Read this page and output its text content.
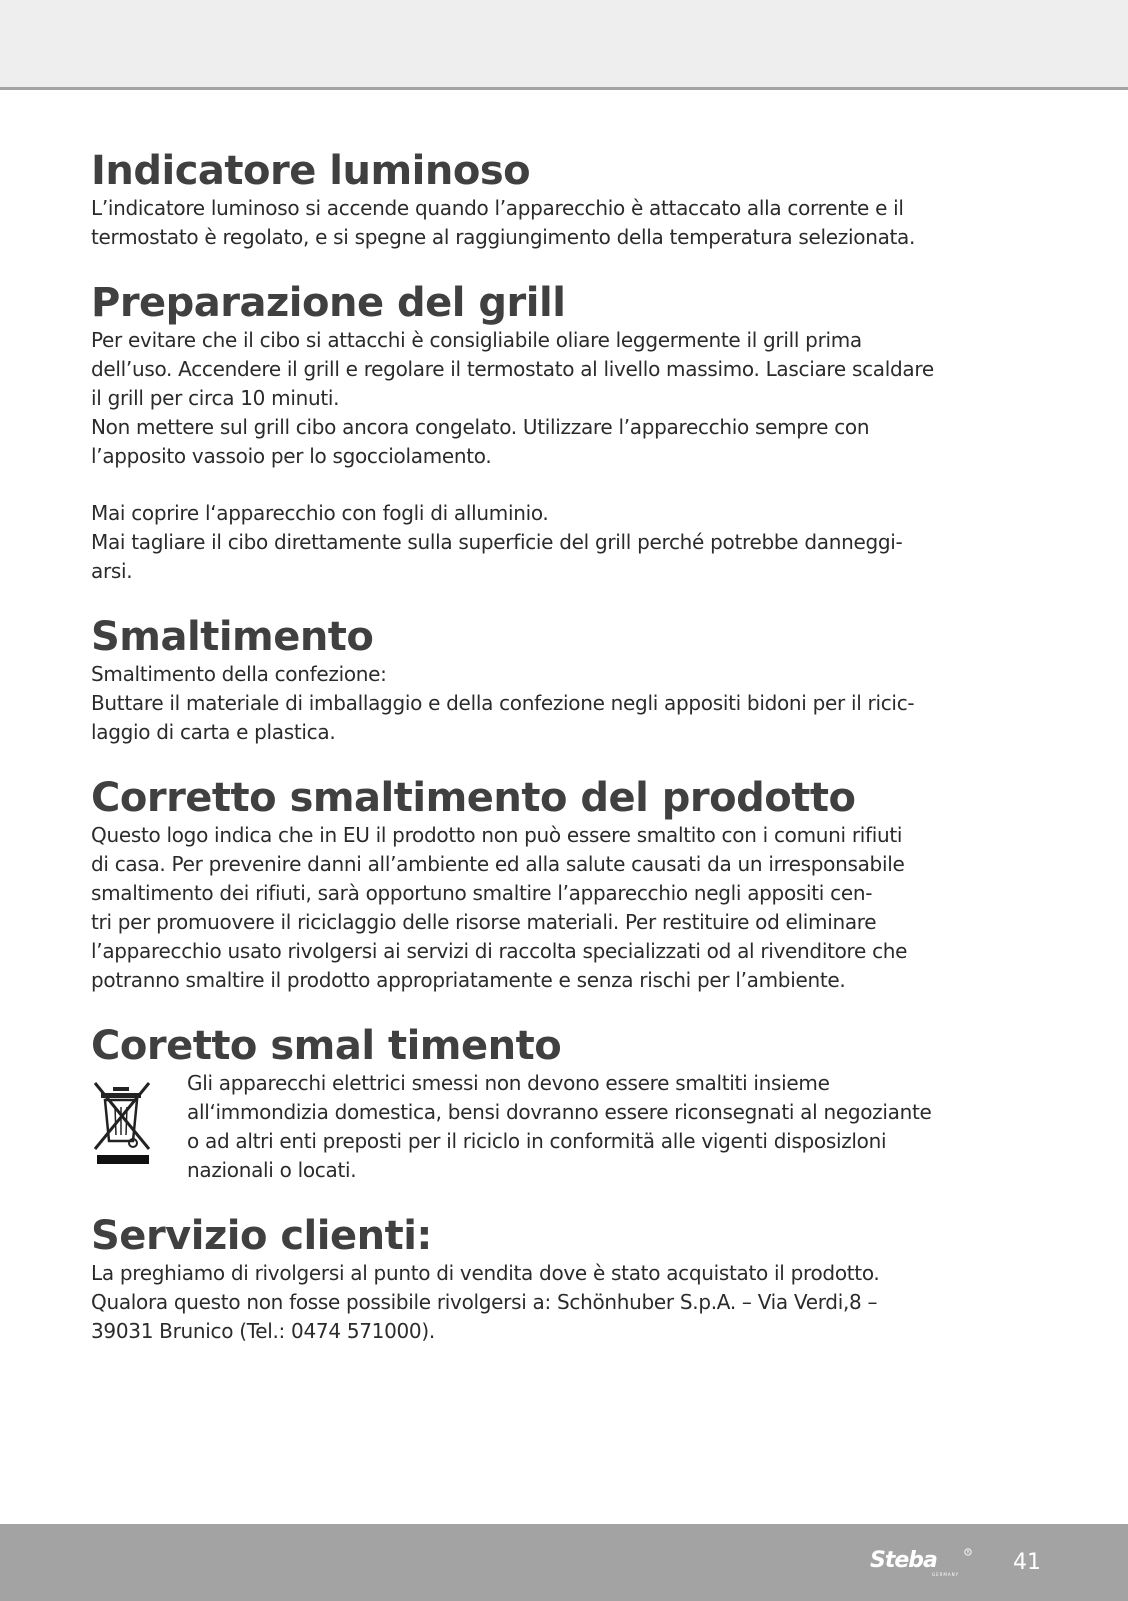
Indicatore luminoso

L’indicatore luminoso si accende quando l’apparecchio è attaccato alla corrente e il
termostato è regolato, e si spegne al raggiungimento della temperatura selezionata.

Preparazione del grill

Per evitare che il cibo si attacchi è consigliabile oliare leggermente il grill prima
dell’uso. Accendere il grill e regolare il termostato al livello massimo. Lasciare scaldare
il grill per circa 10 minuti.
Non mettere sul grill cibo ancora congelato. Utilizzare l’apparecchio sempre con
l’apposito vassoio per lo sgocciolamento.

Mai coprire l‘apparecchio con fogli di alluminio.
Mai tagliare il cibo direttamente sulla superficie del grill perché potrebbe danneggi-
arsi.

Smaltimento

Smaltimento della confezione:
Buttare il materiale di imballaggio e della confezione negli appositi bidoni per il ricic-
laggio di carta e plastica.

Corretto smaltimento del prodotto

Questo logo indica che in EU il prodotto non può essere smaltito con i comuni rifiuti
di casa. Per prevenire danni all’ambiente ed alla salute causati da un irresponsabile
smaltimento dei rifiuti, sarà opportuno smaltire l’apparecchio negli appositi cen-
tri per promuovere il riciclaggio delle risorse materiali. Per restituire od eliminare
l’apparecchio usato rivolgersi ai servizi di raccolta specializzati od al rivenditore che
potranno smaltire il prodotto appropriatamente e senza rischi per l’ambiente.

Coretto smal timento

Gli apparecchi elettrici smessi non devono essere smaltiti insieme
all‘immondizia domestica, bensi dovranno essere riconsegnati al negoziante
o ad altri enti preposti per il riciclo in conformitä alle vigenti disposizloni
nazionali o locati.

Servizio clienti:

La preghiamo di rivolgersi al punto di vendita dove è stato acquistato il prodotto.
Qualora questo non fosse possibile rivolgersi a: Schönhuber S.p.A. – Via Verdi,8 –
39031 Brunico (Tel.: 0474 571000).

Steba	R
GERMANY 41
